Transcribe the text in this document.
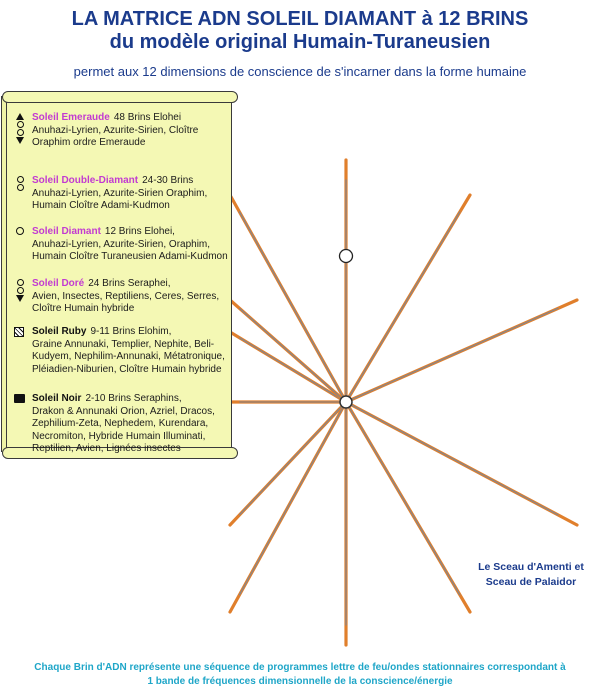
LA MATRICE ADN SOLEIL DIAMANT à 12 BRINS
du modèle original Humain-Turaneusien
permet aux 12 dimensions de conscience de s'incarner dans la forme humaine
Soleil Emeraude 48 Brins Elohei
Anuhazi-Lyrien, Azurite-Sirien, Cloître Oraphim ordre Emeraude
Soleil Double-Diamant 24-30 Brins
Anuhazi-Lyrien, Azurite-Sirien Oraphim, Humain Cloître Adami-Kudmon
Soleil Diamant 12 Brins Elohei,
Anuhazi-Lyrien, Azurite-Sirien, Oraphim, Humain Cloître Turaneusien Adami-Kudmon
Soleil Doré 24 Brins Seraphei,
Avien, Insectes, Reptiliens, Ceres, Serres, Cloître Humain hybride
Soleil Ruby 9-11 Brins Elohim,
Graine Annunaki, Templier, Nephite, Beli-Kudyem, Nephilim-Annunaki, Métatronique, Pléiadien-Niburien, Cloître Humain hybride
Soleil Noir 2-10 Brins Seraphins,
Drakon & Annunaki Orion, Azriel, Dracos, Zephilium-Zeta, Nephedem, Kurendara, Necromiton, Hybride Humain Illuminati, Reptilien, Avien, Lignées insectes
Le Sceau d'Amenti et
Sceau de Palaidor
Chaque Brin d'ADN représente une séquence de programmes lettre de feu/ondes stationnaires correspondant à
1 bande de fréquences dimensionnelle de la conscience/énergie
